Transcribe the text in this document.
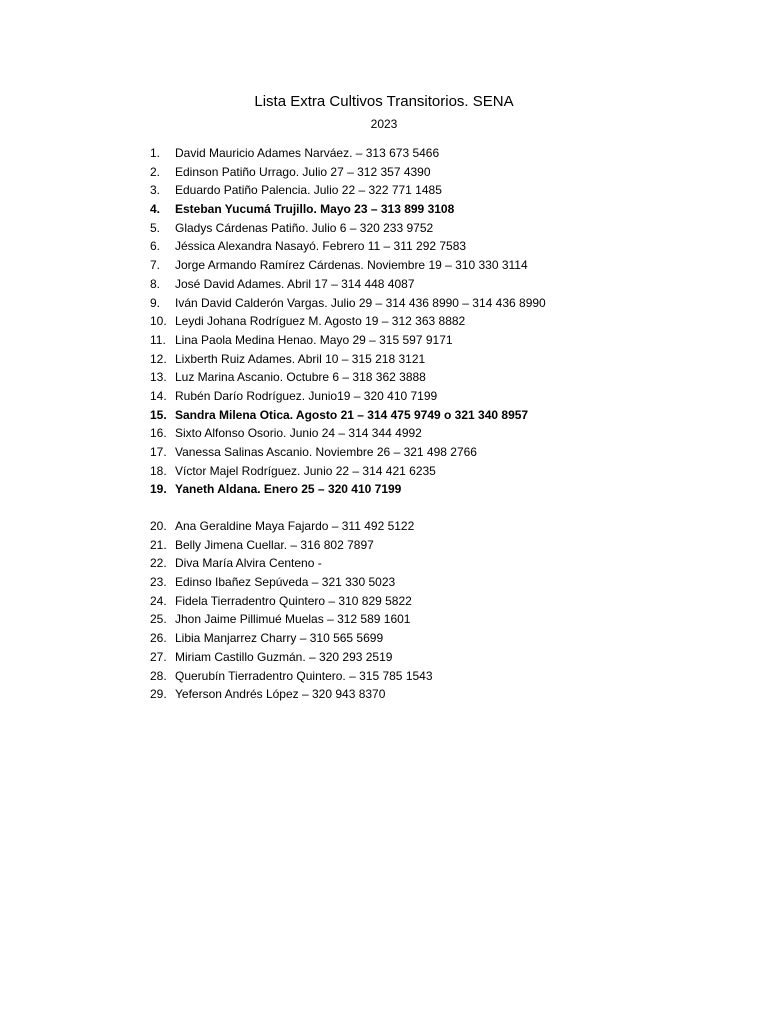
Lista Extra Cultivos Transitorios. SENA
2023
1. David Mauricio Adames Narváez. – 313 673 5466
2. Edinson Patiño Urrago. Julio 27 – 312 357 4390
3. Eduardo Patiño Palencia. Julio 22 – 322 771 1485
4. Esteban Yucumá Trujillo. Mayo 23 – 313 899 3108
5. Gladys Cárdenas Patiño. Julio 6 – 320 233 9752
6. Jéssica Alexandra Nasayó. Febrero 11 – 311 292 7583
7. Jorge Armando Ramírez Cárdenas. Noviembre 19 – 310 330 3114
8. José David Adames. Abril 17 – 314 448 4087
9. Iván David Calderón Vargas. Julio 29 – 314 436 8990 – 314 436 8990
10. Leydi Johana Rodríguez M. Agosto 19 – 312 363 8882
11. Lina Paola Medina Henao. Mayo 29 – 315 597 9171
12. Lixberth Ruiz Adames. Abril 10 – 315 218 3121
13. Luz Marina Ascanio. Octubre 6 – 318 362 3888
14. Rubén Darío Rodríguez. Junio19 – 320 410 7199
15. Sandra Milena Otica. Agosto 21 – 314 475 9749 o 321 340 8957
16. Sixto Alfonso Osorio. Junio 24 – 314 344 4992
17. Vanessa Salinas Ascanio. Noviembre 26 – 321 498 2766
18. Víctor Majel Rodríguez. Junio 22 – 314 421 6235
19. Yaneth Aldana. Enero 25 – 320 410 7199
20. Ana Geraldine Maya Fajardo – 311 492 5122
21. Belly Jimena Cuellar. – 316 802 7897
22. Diva María Alvira Centeno -
23. Edinso Ibañez Sepúveda – 321 330 5023
24. Fidela Tierradentro Quintero – 310 829 5822
25. Jhon Jaime Pillimué Muelas – 312 589 1601
26. Libia Manjarrez Charry – 310 565 5699
27. Miriam Castillo Guzmán. – 320 293 2519
28. Querubín Tierradentro Quintero. – 315 785 1543
29. Yeferson Andrés López – 320 943 8370
